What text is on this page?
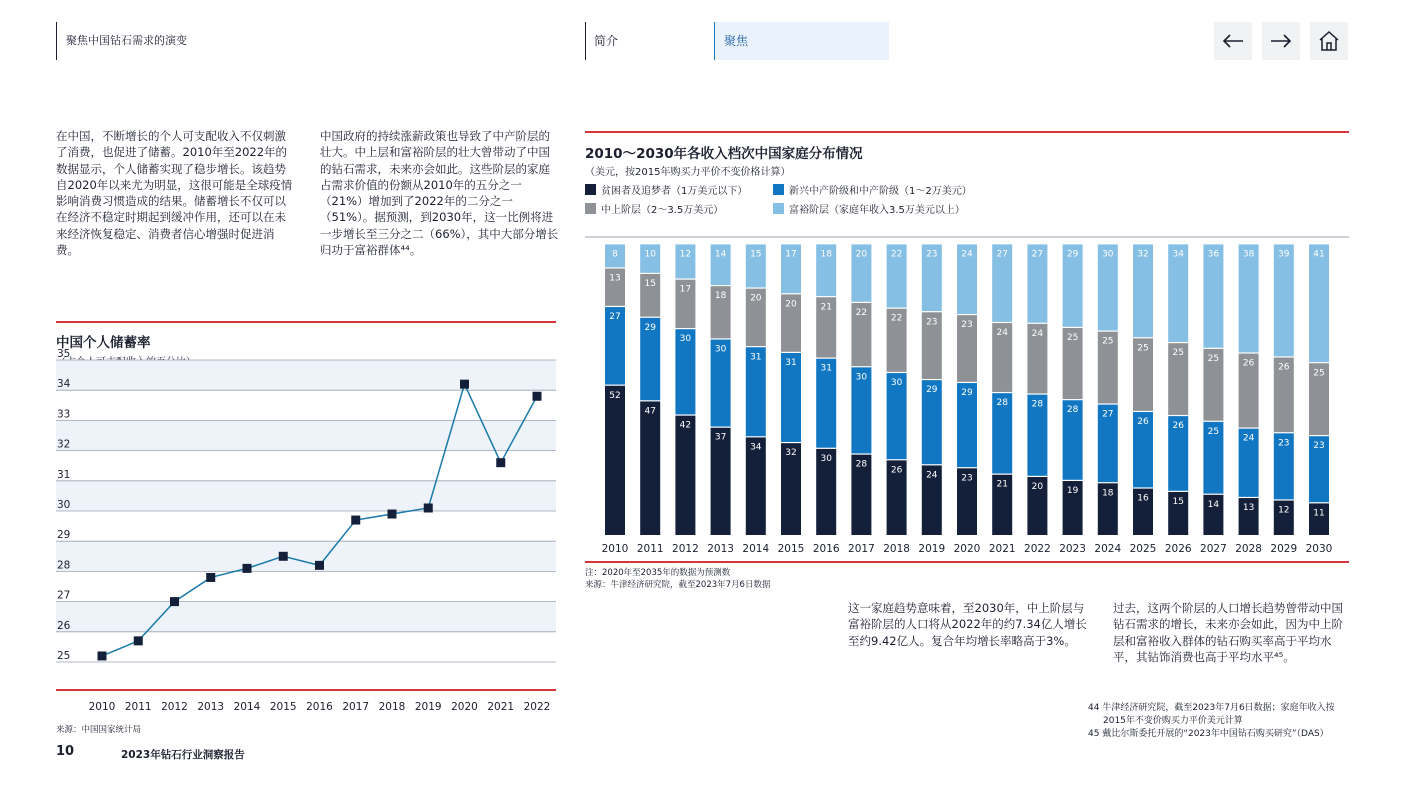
聚焦中国钻石需求的演变	简介	聚焦
在中国，不断增长的个人可支配收入不仅刺激了消费，也促进了储蓄。2010年至2022年的数据显示，个人储蓄实现了稳步增长。该趋势自2020年以来尤为明显，这很可能是全球疫情影响消费习惯造成的结果。储蓄增长不仅可以在经济不稳定时期起到缓冲作用，还可以在未来经济恢复稳定、消费者信心增强时促进消费。
中国政府的持续涨薪政策也导致了中产阶层的壮大。中上层和富裕阶层的壮大曾带动了中国的钻石需求，未来亦会如此。这些阶层的家庭占需求价值的份额从2010年的五分之一（21%）增加到了2022年的二分之一（51%）。据预测，到2030年，这一比例将进一步增长至三分之二（66%），其中大部分增长归功于富裕群体⁴⁴。
中国个人储蓄率
25
26
27
28
29
30
31
32
33
34
35
2010 2011 2012 2013 2014 2015 2016 2017 2018 2019 2020 2021 2022
来源：中国国家统计局
10	2023年钻石行业洞察报告
2010～2030年各收入档次中国家庭分布情况
（美元，按2015年购买力平价不变价格计算）
贫困者及追梦者（1万美元以下）	新兴中产阶级和中产阶级（1～2万美元）
中上阶层（2～3.5万美元）	富裕阶层（家庭年收入3.5万美元以上）
52
27
13
8
2010
47
29
15
10
2011
42
30
17
12
2012
37
30
18
14
2013
34
31
20
15
2014
32
31
20
17
2015
30
31
21
18
2016
28
30
22
20
2017
26
30
22
22
2018
24
29
23
23
2019
23
29
23
24
2020
21
28
24
27
2021
20
28
24
27
2022
19
28
25
29
2023
18
27
25
30
2024
16
26
25
32
2025
15
26
25
34
2026
14
25
25
36
2027
13
24
26
38
2028
12
23
26
39
2029
11
23
25
41
2030
注：2020年至2035年的数据为预测数
来源：牛津经济研究院，截至2023年7月6日数据
这一家庭趋势意味着，至2030年，中上阶层与富裕阶层的人口将从2022年的约7.34亿人增长至约9.42亿人。复合年均增长率略高于3%。
过去，这两个阶层的人口增长趋势曾带动中国钻石需求的增长，未来亦会如此，因为中上阶层和富裕收入群体的钻石购买率高于平均水平，其钻饰消费也高于平均水平⁴⁵。
44 牛津经济研究院，截至2023年7月6日数据；家庭年收入按
2015年不变价购买力平价美元计算
45 戴比尔斯委托开展的“2023年中国钻石购买研究”（DAS）
